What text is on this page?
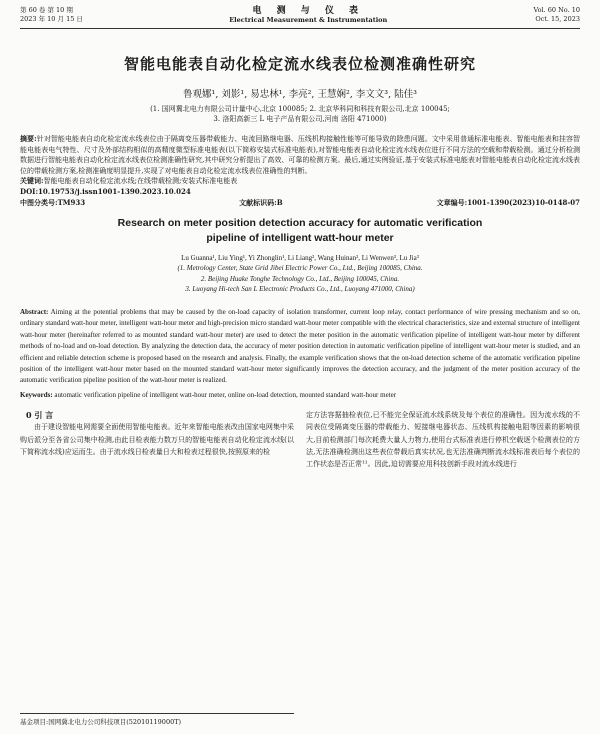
第 60 卷 第 10 期
2023 年 10 月 15 日
电 测 与 仪 表
Electrical Measurement & Instrumentation
Vol. 60 No. 10
Oct. 15, 2023
智能电能表自动化检定流水线表位检测准确性研究
鲁观娜¹, 刘影¹, 易忠林¹, 李亮², 王慧娴², 李文文³, 陆佳³
(1. 国网冀北电力有限公司计量中心,北京 100085; 2. 北京华科同和科技有限公司,北京 100045;
3. 洛阳高新三 L 电子产品有限公司,河南 洛阳 471000)
摘要:针对智能电能表自动化检定流水线表位由于隔离变压器带载能力、电流回路继电器、压线机构接触性能等可能导致的除患问题。文中采用普通标准电能表、智能电能表和挂容智能电能表电气特性、尺寸及外部结构相似的高精度微型标准电能表(以下简称安装式标准电能表),对智能电能表自动化检定流水线表位进行不同方法的空载和带载检测。通过分析检测数据进行智能电能表自动化检定流水线表位检测准确性研究,其中研究分析提出了高效、可靠的检测方案。最后,通过实例验证,基于安装式标准电能表对智能电能表自动化检定流水线表位的带载检测方案,检测准确度明显提升,实现了对电能表自动化检定流水线表位准确性的判断。
关键词:智能电能表自动化检定流水线;在线带载检测;安装式标准电能表
DOI:10.19753/j.issn1001-1390.2023.10.024
中图分类号:TM933	文献标识码:B	文章编号:1001-1390(2023)10-0148-07
Research on meter position detection accuracy for automatic verification
pipeline of intelligent watt-hour meter
Lu Guanna¹, Liu Ying¹, Yi Zhonglin¹, Li Liang², Wang Huinan², Li Wenwen³, Lu Jia³
(1. Metrology Center, State Grid Jibei Electric Power Co., Ltd., Beijing 100085, China.
2. Beijing Huake Tonghe Technology Co., Ltd., Beijing 100045, China.
3. Luoyang Hi-tech San L Electronic Products Co., Ltd., Luoyang 471000, China)
Abstract: Aiming at the potential problems that may be caused by the on-load capacity of isolation transformer, current loop relay, contact performance of wire pressing mechanism and so on, ordinary standard watt-hour meter, intelligent watt-hour meter and high-precision micro standard watt-hour meter compatible with the electrical characteristics, size and external structure of intelligent watt-hour meter (hereinafter referred to as mounted standard watt-hour meter) are used to detect the meter position in the automatic verification pipeline of intelligent watt-hour meter by different methods of no-load and on-load detection. By analyzing the detection data, the accuracy of meter position detection in automatic verification pipeline of intelligent watt-hour meter is studied, and an efficient and reliable detection scheme is proposed based on the research and analysis. Finally, the example verification shows that the on-load detection scheme of the automatic verification pipeline position of the intelligent watt-hour meter based on the mounted standard watt-hour meter significantly improves the detection accuracy, and the judgment of the meter position accuracy of the automatic verification pipeline position of the watt-hour meter is realized.
Keywords: automatic verification pipeline of intelligent watt-hour meter, online on-load detection, mounted standard watt-hour meter
0 引 言
由于建设智能电网需要全面使用智能电能表。近年来智能电能表改由国家电网集中采购后派分至各省公司集中检测,由此目检表能力数万只的智能电能表自动化检定流水线(以下简称流水线)应运而生。由于流水线日检表量日大和检表过程很快,按照原来的检
定方法容据抽检表位,已不能完全保证流水线系统及每个表位的准确性。因为流水线的不同表位受隔离变压器的带载能力、短接继电器状态、压线机构接触电阻等因素的影响很大,目前检测部门每次耗费大量人力物力,使用台式标准表进行停机空载逐个检测表位的方法,无法准确检测出这些表位带载后真实状况,也无法准确判断流水线标准表后每个表位的工作状态是否正常¹¹。因此,迫切需要应用科技创新手段对流水线进行
基金项目:国网冀北电力公司科技项目(52010119000T)
